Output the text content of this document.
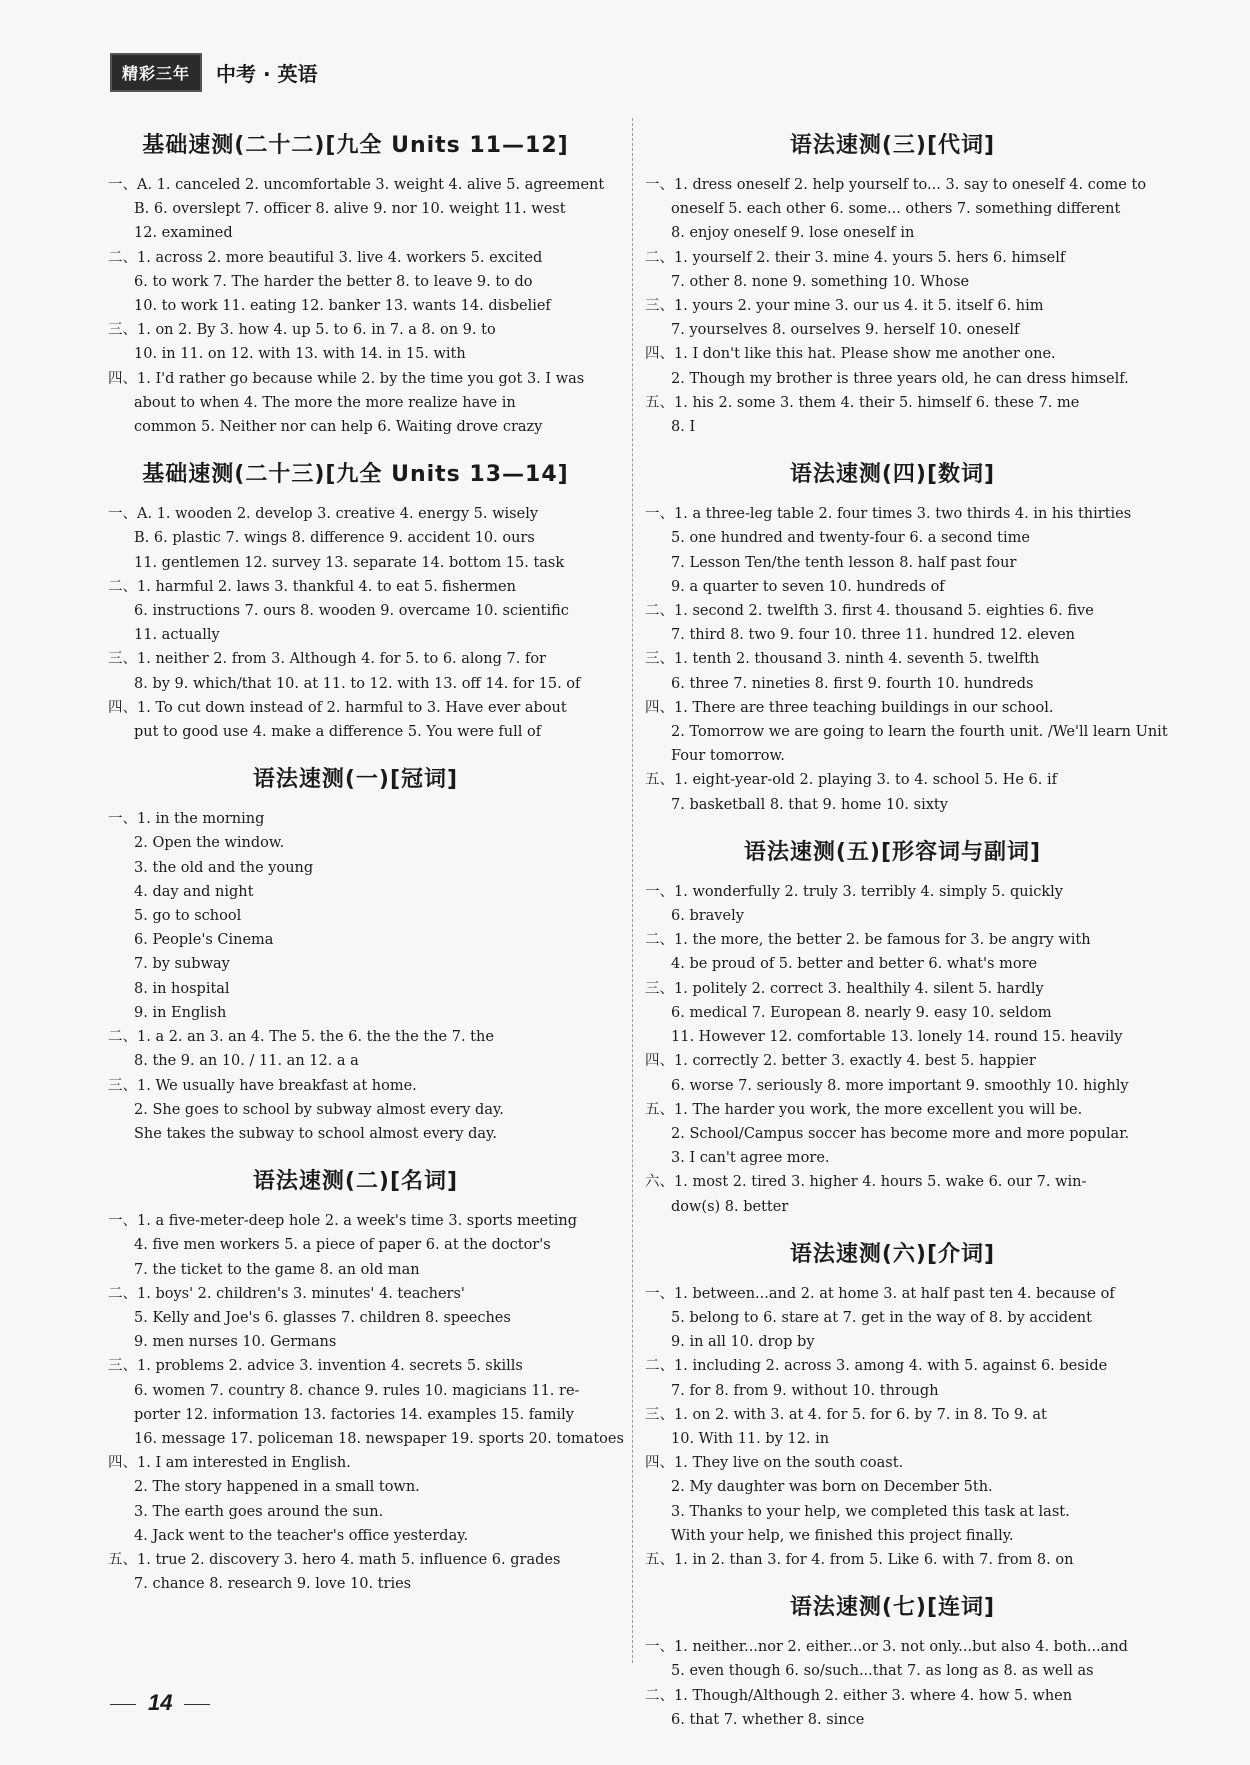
精彩三年	中考 · 英语
基础速测(二十二)[九全 Units 11—12]
一、A. 1. canceled 2. uncomfortable 3. weight 4. alive 5. agreement
B. 6. overslept 7. officer 8. alive 9. nor 10. weight 11. west
12. examined
二、1. across 2. more beautiful 3. live 4. workers 5. excited
6. to work 7. The harder the better 8. to leave 9. to do
10. to work 11. eating 12. banker 13. wants 14. disbelief
三、1. on 2. By 3. how 4. up 5. to 6. in 7. a 8. on 9. to
10. in 11. on 12. with 13. with 14. in 15. with
四、1. I'd rather go because while 2. by the time you got 3. I was
about to when 4. The more the more realize have in
common 5. Neither nor can help 6. Waiting drove crazy
基础速测(二十三)[九全 Units 13—14]
一、A. 1. wooden 2. develop 3. creative 4. energy 5. wisely
B. 6. plastic 7. wings 8. difference 9. accident 10. ours
11. gentlemen 12. survey 13. separate 14. bottom 15. task
二、1. harmful 2. laws 3. thankful 4. to eat 5. fishermen
6. instructions 7. ours 8. wooden 9. overcame 10. scientific
11. actually
三、1. neither 2. from 3. Although 4. for 5. to 6. along 7. for
8. by 9. which/that 10. at 11. to 12. with 13. off 14. for 15. of
四、1. To cut down instead of 2. harmful to 3. Have ever about
put to good use 4. make a difference 5. You were full of
语法速测(一)[冠词]
一、1. in the morning
2. Open the window.
3. the old and the young
4. day and night
5. go to school
6. People's Cinema
7. by subway
8. in hospital
9. in English
二、1. a 2. an 3. an 4. The 5. the 6. the the the 7. the
8. the 9. an 10. / 11. an 12. a a
三、1. We usually have breakfast at home.
2. She goes to school by subway almost every day.
She takes the subway to school almost every day.
语法速测(二)[名词]
一、1. a five-meter-deep hole 2. a week's time 3. sports meeting
4. five men workers 5. a piece of paper 6. at the doctor's
7. the ticket to the game 8. an old man
二、1. boys' 2. children's 3. minutes' 4. teachers'
5. Kelly and Joe's 6. glasses 7. children 8. speeches
9. men nurses 10. Germans
三、1. problems 2. advice 3. invention 4. secrets 5. skills
6. women 7. country 8. chance 9. rules 10. magicians 11. re-
porter 12. information 13. factories 14. examples 15. family
16. message 17. policeman 18. newspaper 19. sports 20. tomatoes
四、1. I am interested in English.
2. The story happened in a small town.
3. The earth goes around the sun.
4. Jack went to the teacher's office yesterday.
五、1. true 2. discovery 3. hero 4. math 5. influence 6. grades
7. chance 8. research 9. love 10. tries
语法速测(三)[代词]
一、1. dress oneself 2. help yourself to... 3. say to oneself 4. come to
oneself 5. each other 6. some... others 7. something different
8. enjoy oneself 9. lose oneself in
二、1. yourself 2. their 3. mine 4. yours 5. hers 6. himself
7. other 8. none 9. something 10. Whose
三、1. yours 2. your mine 3. our us 4. it 5. itself 6. him
7. yourselves 8. ourselves 9. herself 10. oneself
四、1. I don't like this hat. Please show me another one.
2. Though my brother is three years old, he can dress himself.
五、1. his 2. some 3. them 4. their 5. himself 6. these 7. me
8. I
语法速测(四)[数词]
一、1. a three-leg table 2. four times 3. two thirds 4. in his thirties
5. one hundred and twenty-four 6. a second time
7. Lesson Ten/the tenth lesson 8. half past four
9. a quarter to seven 10. hundreds of
二、1. second 2. twelfth 3. first 4. thousand 5. eighties 6. five
7. third 8. two 9. four 10. three 11. hundred 12. eleven
三、1. tenth 2. thousand 3. ninth 4. seventh 5. twelfth
6. three 7. nineties 8. first 9. fourth 10. hundreds
四、1. There are three teaching buildings in our school.
2. Tomorrow we are going to learn the fourth unit. /We'll learn Unit
Four tomorrow.
五、1. eight-year-old 2. playing 3. to 4. school 5. He 6. if
7. basketball 8. that 9. home 10. sixty
语法速测(五)[形容词与副词]
一、1. wonderfully 2. truly 3. terribly 4. simply 5. quickly
6. bravely
二、1. the more, the better 2. be famous for 3. be angry with
4. be proud of 5. better and better 6. what's more
三、1. politely 2. correct 3. healthily 4. silent 5. hardly
6. medical 7. European 8. nearly 9. easy 10. seldom
11. However 12. comfortable 13. lonely 14. round 15. heavily
四、1. correctly 2. better 3. exactly 4. best 5. happier
6. worse 7. seriously 8. more important 9. smoothly 10. highly
五、1. The harder you work, the more excellent you will be.
2. School/Campus soccer has become more and more popular.
3. I can't agree more.
六、1. most 2. tired 3. higher 4. hours 5. wake 6. our 7. win-
dow(s) 8. better
语法速测(六)[介词]
一、1. between...and 2. at home 3. at half past ten 4. because of
5. belong to 6. stare at 7. get in the way of 8. by accident
9. in all 10. drop by
二、1. including 2. across 3. among 4. with 5. against 6. beside
7. for 8. from 9. without 10. through
三、1. on 2. with 3. at 4. for 5. for 6. by 7. in 8. To 9. at
10. With 11. by 12. in
四、1. They live on the south coast.
2. My daughter was born on December 5th.
3. Thanks to your help, we completed this task at last.
With your help, we finished this project finally.
五、1. in 2. than 3. for 4. from 5. Like 6. with 7. from 8. on
语法速测(七)[连词]
一、1. neither...nor 2. either...or 3. not only...but also 4. both...and
5. even though 6. so/such...that 7. as long as 8. as well as
二、1. Though/Although 2. either 3. where 4. how 5. when
6. that 7. whether 8. since
14
